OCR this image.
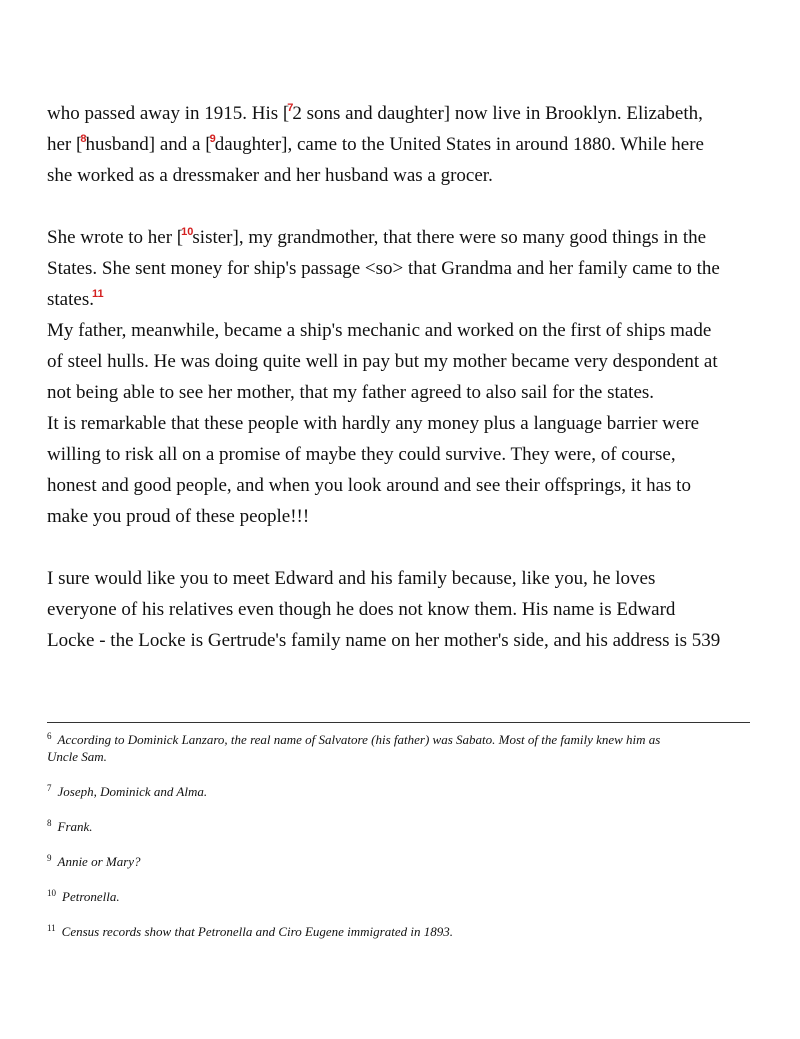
who passed away in 1915. His [$^7$2 sons and daughter] now live in Brooklyn. Elizabeth,
her [$^8$husband] and a [$^9$daughter], came to the United States in around 1880. While here
she worked as a dressmaker and her husband was a grocer.
She wrote to her [$^{10}$sister], my grandmother, that there were so many good things in the
States. She sent money for ship's passage <so> that Grandma and her family came to the
states.$^{11}$
My father, meanwhile, became a ship's mechanic and worked on the first of ships made
of steel hulls. He was doing quite well in pay but my mother became very despondent at
not being able to see her mother, that my father agreed to also sail for the states.
It is remarkable that these people with hardly any money plus a language barrier were
willing to risk all on a promise of maybe they could survive. They were, of course,
honest and good people, and when you look around and see their offsprings, it has to
make you proud of these people!!!
I sure would like you to meet Edward and his family because, like you, he loves
everyone of his relatives even though he does not know them. His name is Edward
Locke - the Locke is Gertrude's family name on her mother's side, and his address is 539
$^6$ According to Dominick Lanzaro, the real name of Salvatore (his father) was Sabato. Most of the family knew him as
Uncle Sam.
$^7$ Joseph, Dominick and Alma.
$^8$ Frank.
$^9$ Annie or Mary?
$^{10}$ Petronella.
$^{11}$ Census records show that Petronella and Ciro Eugene immigrated in 1893.
